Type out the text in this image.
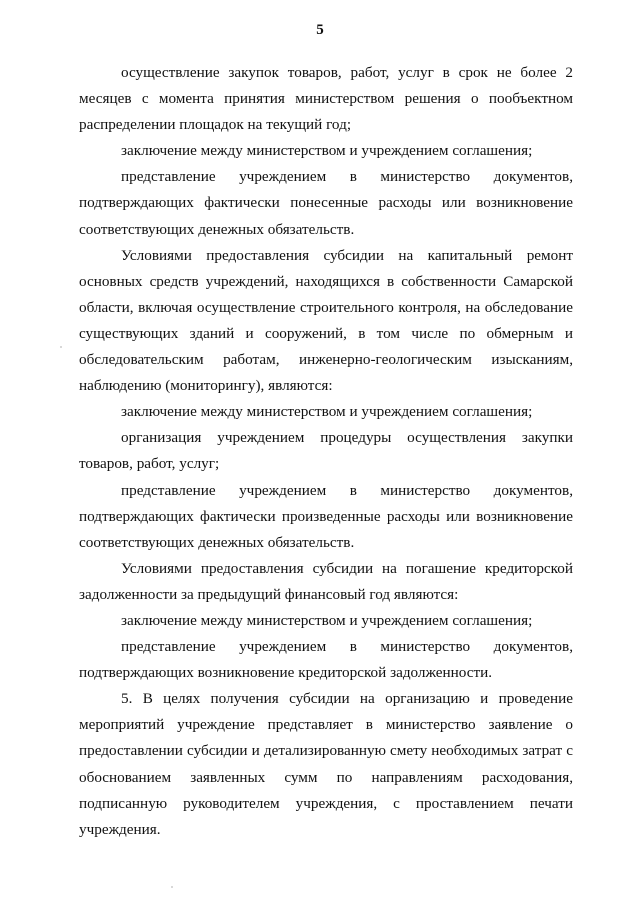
5

осуществление закупок товаров, работ, услуг в срок не более 2 месяцев с момента принятия министерством решения о пообъектном распределении площадок на текущий год;

заключение между министерством и учреждением соглашения;

представление учреждением в министерство документов, подтверждающих фактически понесенные расходы или возникновение соответствующих денежных обязательств.

Условиями предоставления субсидии на капитальный ремонт основных средств учреждений, находящихся в собственности Самарской области, включая осуществление строительного контроля, на обследование существующих зданий и сооружений, в том числе по обмерным и обследовательским работам, инженерно-геологическим изысканиям, наблюдению (мониторингу), являются:

заключение между министерством и учреждением соглашения;

организация учреждением процедуры осуществления закупки товаров, работ, услуг;

представление учреждением в министерство документов, подтверждающих фактически произведенные расходы или возникновение соответствующих денежных обязательств.

Условиями предоставления субсидии на погашение кредиторской задолженности за предыдущий финансовый год являются:

заключение между министерством и учреждением соглашения;

представление учреждением в министерство документов, подтверждающих возникновение кредиторской задолженности.

5. В целях получения субсидии на организацию и проведение мероприятий учреждение представляет в министерство заявление о предоставлении субсидии и детализированную смету необходимых затрат с обоснованием заявленных сумм по направлениям расходования, подписанную руководителем учреждения, с проставлением печати учреждения.
